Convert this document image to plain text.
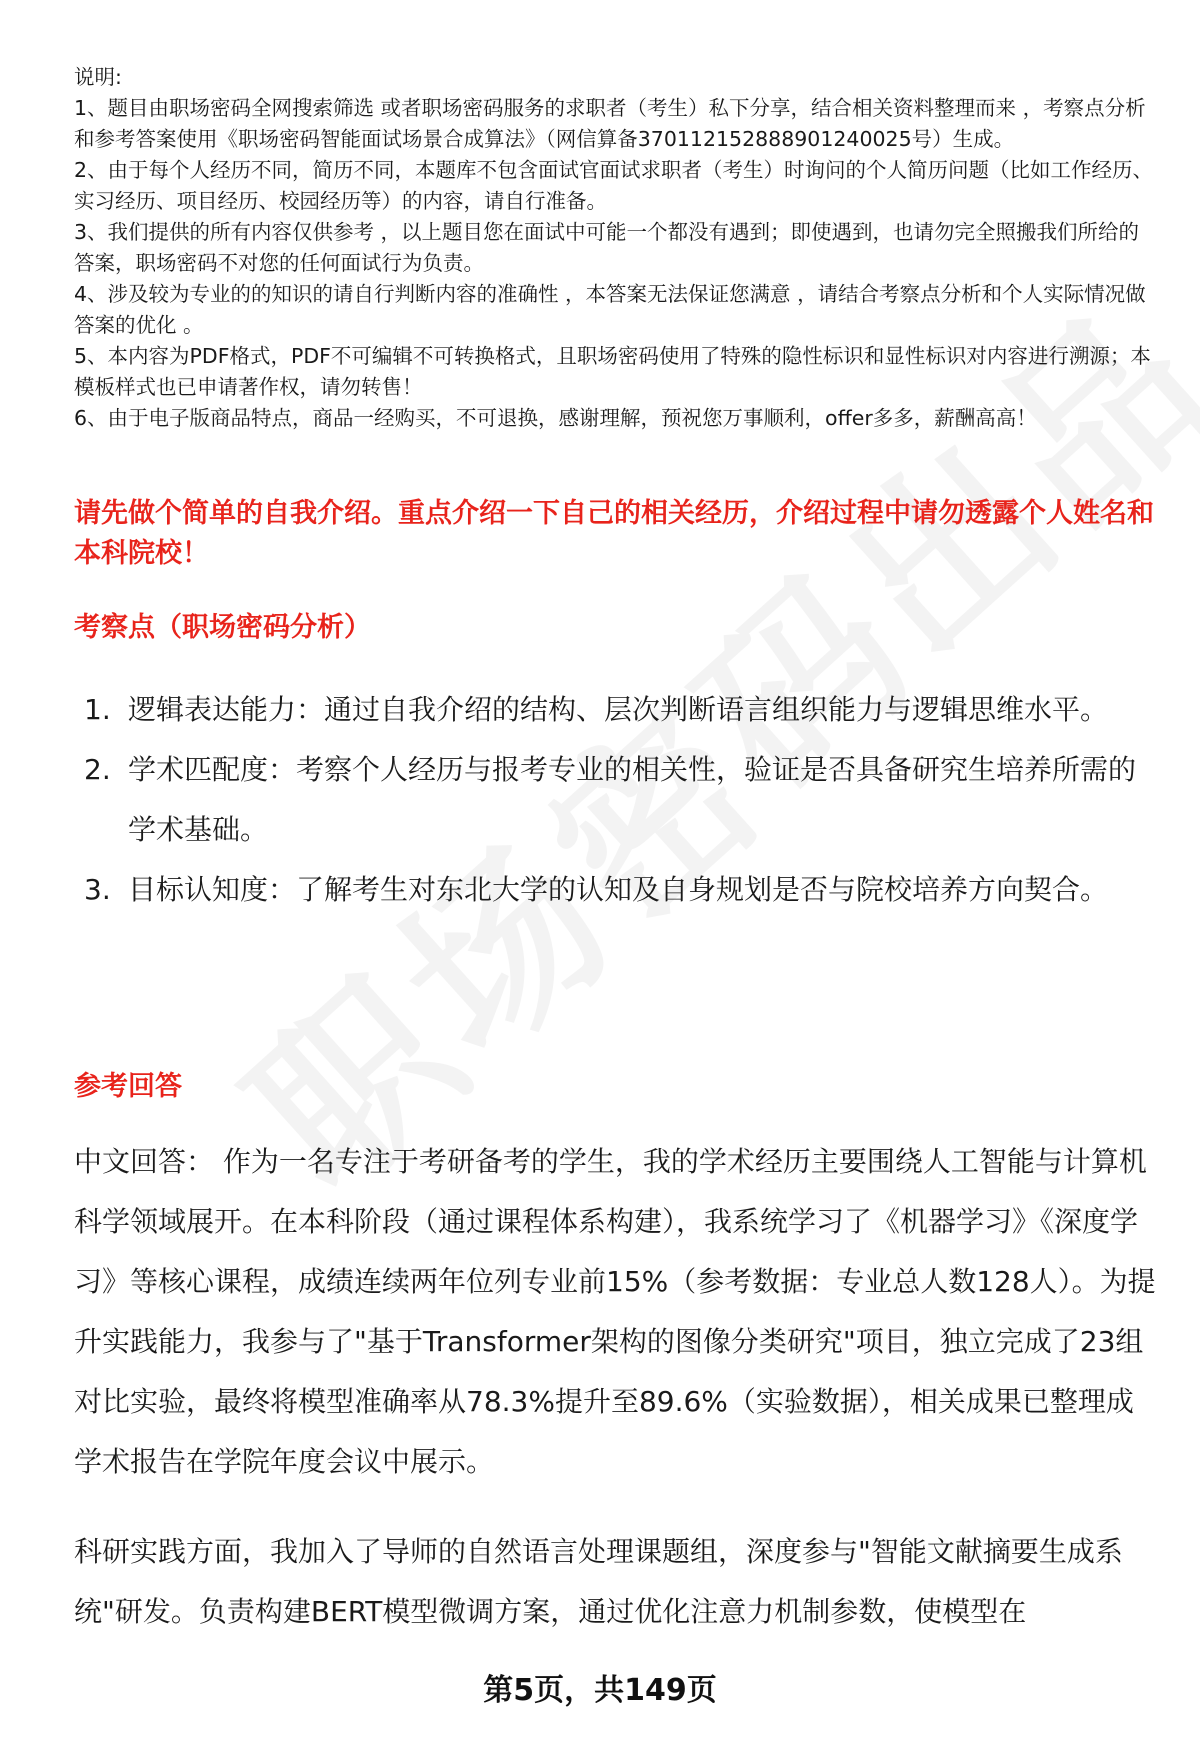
说明:

1、题目由职场密码全网搜索筛选 或者职场密码服务的求职者（考生）私下分享，结合相关资料整理而来 ，考察点分析和参考答案使用《职场密码智能面试场景合成算法》（网信算备370112152888901240025号）生成。

2、由于每个人经历不同，简历不同，本题库不包含面试官面试求职者（考生）时询问的个人简历问题（比如工作经历、实习经历、项目经历、校园经历等）的内容，请自行准备。

3、我们提供的所有内容仅供参考 ，以上题目您在面试中可能一个都没有遇到；即使遇到，也请勿完全照搬我们所给的答案，职场密码不对您的任何面试行为负责。

4、涉及较为专业的的知识的请自行判断内容的准确性 ，本答案无法保证您满意 ，请结合考察点分析和个人实际情况做答案的优化 。

5、本内容为PDF格式，PDF不可编辑不可转换格式，且职场密码使用了特殊的隐性标识和显性标识对内容进行溯源；本模板样式也已申请著作权，请勿转售！

6、由于电子版商品特点，商品一经购买，不可退换，感谢理解，预祝您万事顺利，offer多多，薪酬高高！

请先做个简单的自我介绍。重点介绍一下自己的相关经历，介绍过程中请勿透露个人姓名和本科院校！

考察点（职场密码分析）

1. 逻辑表达能力：通过自我介绍的结构、层次判断语言组织能力与逻辑思维水平。
2. 学术匹配度：考察个人经历与报考专业的相关性，验证是否具备研究生培养所需的学术基础。
3. 目标认知度：了解考生对东北大学的认知及自身规划是否与院校培养方向契合。

参考回答

中文回答： 作为一名专注于考研备考的学生，我的学术经历主要围绕人工智能与计算机科学领域展开。在本科阶段（通过课程体系构建），我系统学习了《机器学习》《深度学习》等核心课程，成绩连续两年位列专业前15%（参考数据：专业总人数128人）。为提升实践能力，我参与了"基于Transformer架构的图像分类研究"项目，独立完成了23组对比实验，最终将模型准确率从78.3%提升至89.6%（实验数据），相关成果已整理成学术报告在学院年度会议中展示。

科研实践方面，我加入了导师的自然语言处理课题组，深度参与"智能文献摘要生成系统"研发。负责构建BERT模型微调方案，通过优化注意力机制参数，使模型在

第5页，共149页
